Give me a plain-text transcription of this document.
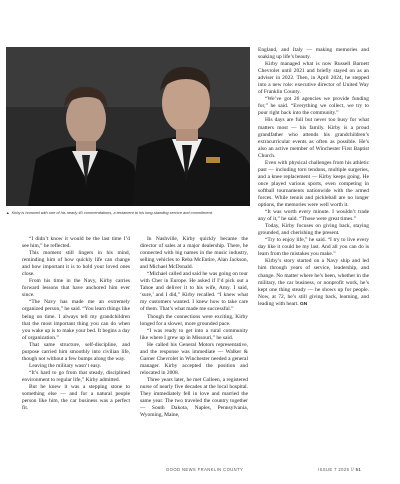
▲ Kirby is honored with one of his nearly 40 commendations, a testament to his long-standing service and commitment.

“I didn’t know it would be the last time I’d see him,” he reflected.

This moment still lingers in his mind, reminding him of how quickly life can change and how important it is to hold your loved ones close.

From his time in the Navy, Kirby carries forward lessons that have anchored him ever since.

“The Navy has made me an extremely organized person,” he said. “You learn things like being on time. I always tell my grandchildren that the most important thing you can do when you wake up is to make your bed. It begins a day of organization.”

That same structure, self-discipline, and purpose carried him smoothly into civilian life, though not without a few bumps along the way.

Leaving the military wasn’t easy.

“It’s hard to go from that steady, disciplined environment to regular life,” Kirby admitted.

But he knew it was a stepping stone to something else — and for a natural people person like him, the car business was a perfect fit.

In Nashville, Kirby quickly became the director of sales at a major dealership. There, he connected with big names in the music industry, selling vehicles to Reba McEntire, Alan Jackson, and Michael McDonald.

“Michael called and said he was going on tour with Cher in Europe. He asked if I’d pick out a Tahoe and deliver it to his wife, Amy. I said, ‘sure,’ and I did,” Kirby recalled. “I knew what my customers wanted. I knew how to take care of them. That’s what made me successful.”

Though the connections were exciting, Kirby longed for a slower, more grounded pace.

“I was ready to get into a rural community like where I grew up in Missouri,” he said.

He called his General Motors representative, and the response was immediate — Walker & Garner Chevrolet in Winchester needed a general manager. Kirby accepted the position and relocated in 2008.

Three years later, he met Colleen, a registered nurse of nearly five decades at the local hospital. They immediately fell in love and married the same year. The two traveled the country together — South Dakota, Naples, Pennsylvania, Wyoming, Maine,

England, and Italy — making memories and soaking up life’s beauty.

Kirby managed what is now Russell Barnett Chevrolet until 2021 and briefly stayed on as an adviser in 2022. Then, in April 2024, he stepped into a new role: executive director of United Way of Franklin County.

“We’ve got 26 agencies we provide funding for,” he said. “Everything we collect, we try to pour right back into the community.”

His days are full but never too busy for what matters most — his family. Kirby is a proud grandfather who attends his grandchildren’s extracurricular events as often as possible. He’s also an active member of Winchester First Baptist Church.

Even with physical challenges from his athletic past — including torn tendons, multiple surgeries, and a knee replacement — Kirby keeps going. He once played various sports, even competing in softball tournaments nationwide with the armed forces. While tennis and pickleball are no longer options, the memories were well worth it.

“It was worth every minute. I wouldn’t trade any of it,” he said. “Those were great times.”

Today, Kirby focuses on giving back, staying grounded, and cherishing the present.

“Try to enjoy life,” he said. “I try to live every day like it could be my last. And all you can do is learn from the mistakes you make.”

Kirby’s story started on a Navy ship and led him through years of service, leadership, and change. No matter where he’s been, whether in the military, the car business, or nonprofit work, he’s kept one thing steady — he shows up for people. Now, at 72, he’s still giving back, learning, and leading with heart. GN

GOOD NEWS FRANKLIN COUNTY	ISSUE 7 2025 // 51
